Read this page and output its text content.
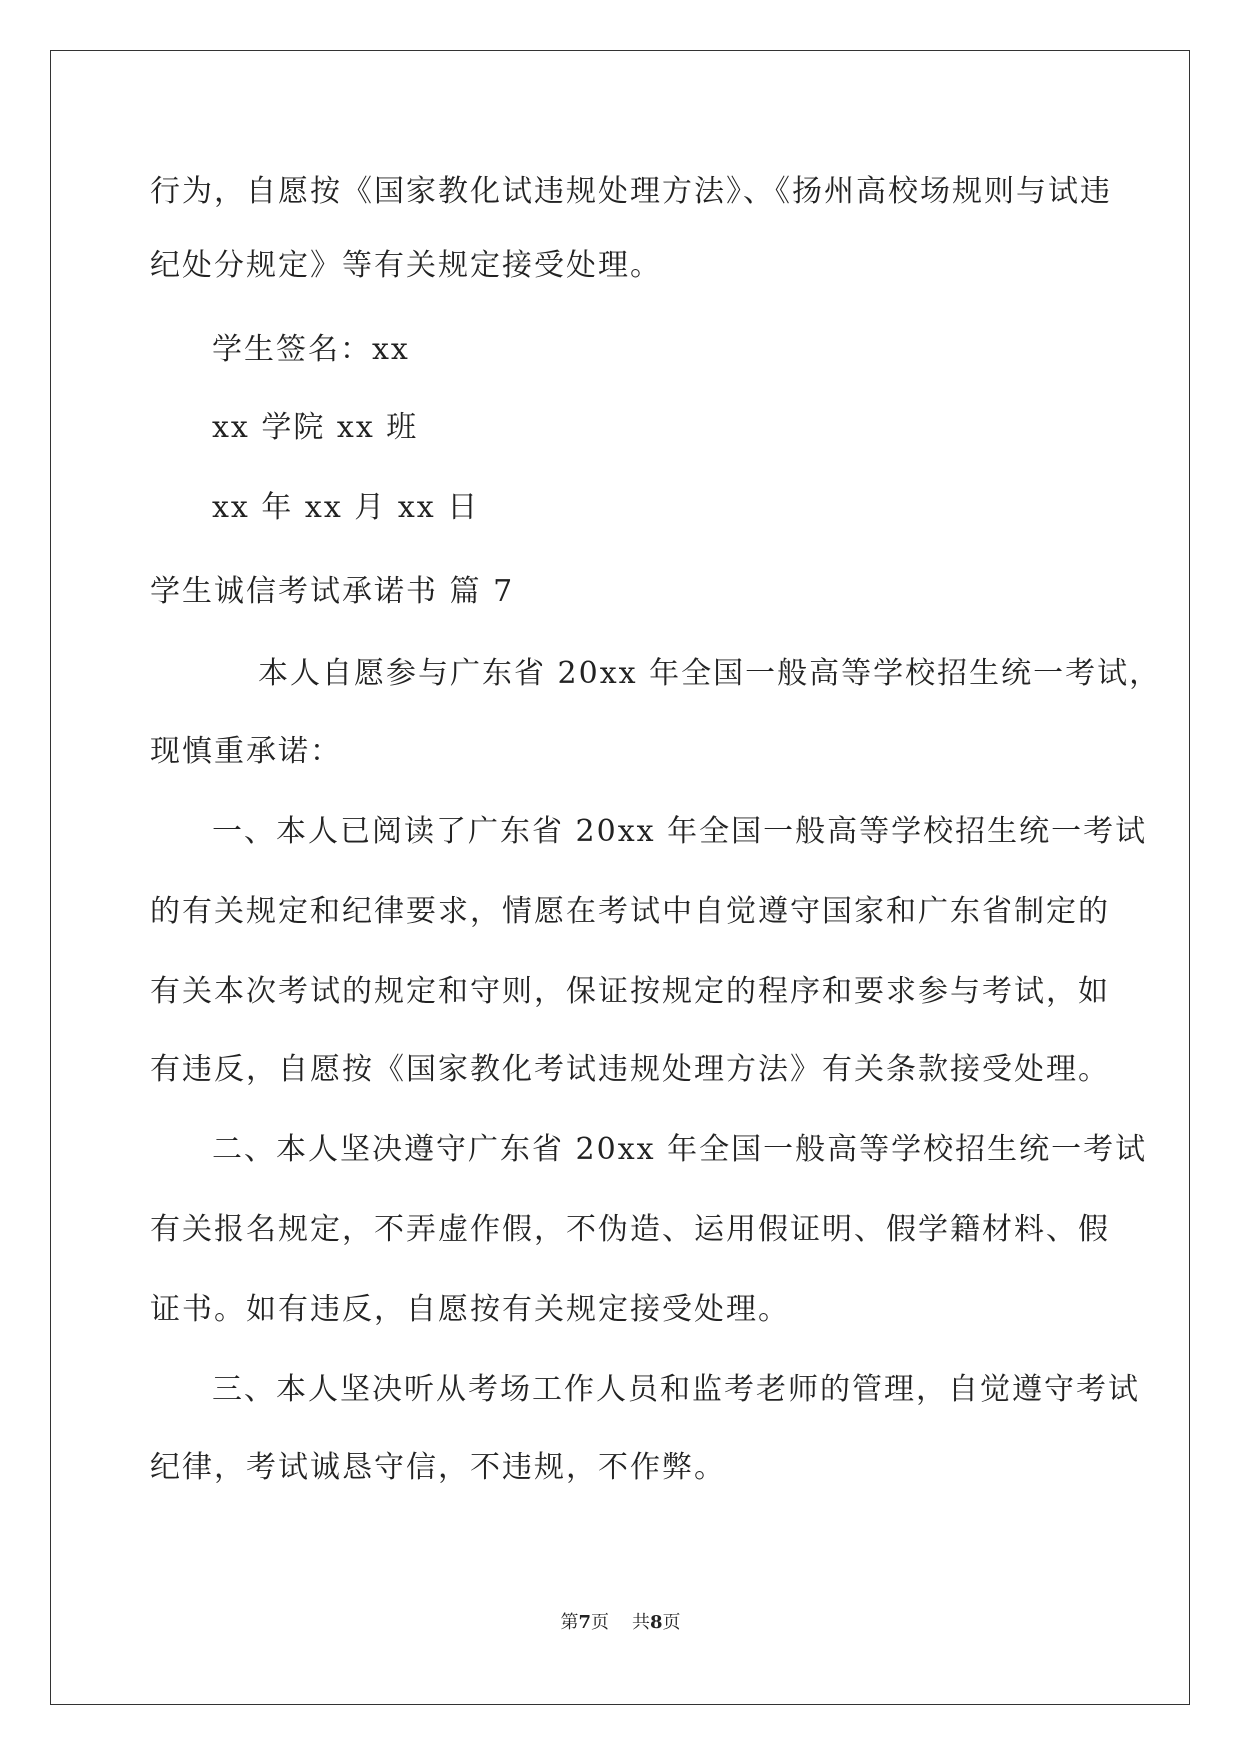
行为，自愿按《国家教化试违规处理方法》、《扬州高校场规则与试违
纪处分规定》等有关规定接受处理。
学生签名：xx
xx 学院 xx 班
xx 年 xx 月 xx 日
学生诚信考试承诺书 篇 7
本人自愿参与广东省 20xx 年全国一般高等学校招生统一考试，
现慎重承诺：
一、本人已阅读了广东省 20xx 年全国一般高等学校招生统一考试
的有关规定和纪律要求，情愿在考试中自觉遵守国家和广东省制定的
有关本次考试的规定和守则，保证按规定的程序和要求参与考试，如
有违反，自愿按《国家教化考试违规处理方法》有关条款接受处理。
二、本人坚决遵守广东省 20xx 年全国一般高等学校招生统一考试
有关报名规定，不弄虚作假，不伪造、运用假证明、假学籍材料、假
证书。如有违反，自愿按有关规定接受处理。
三、本人坚决听从考场工作人员和监考老师的管理，自觉遵守考试
纪律，考试诚恳守信，不违规，不作弊。
第7页 共8页
